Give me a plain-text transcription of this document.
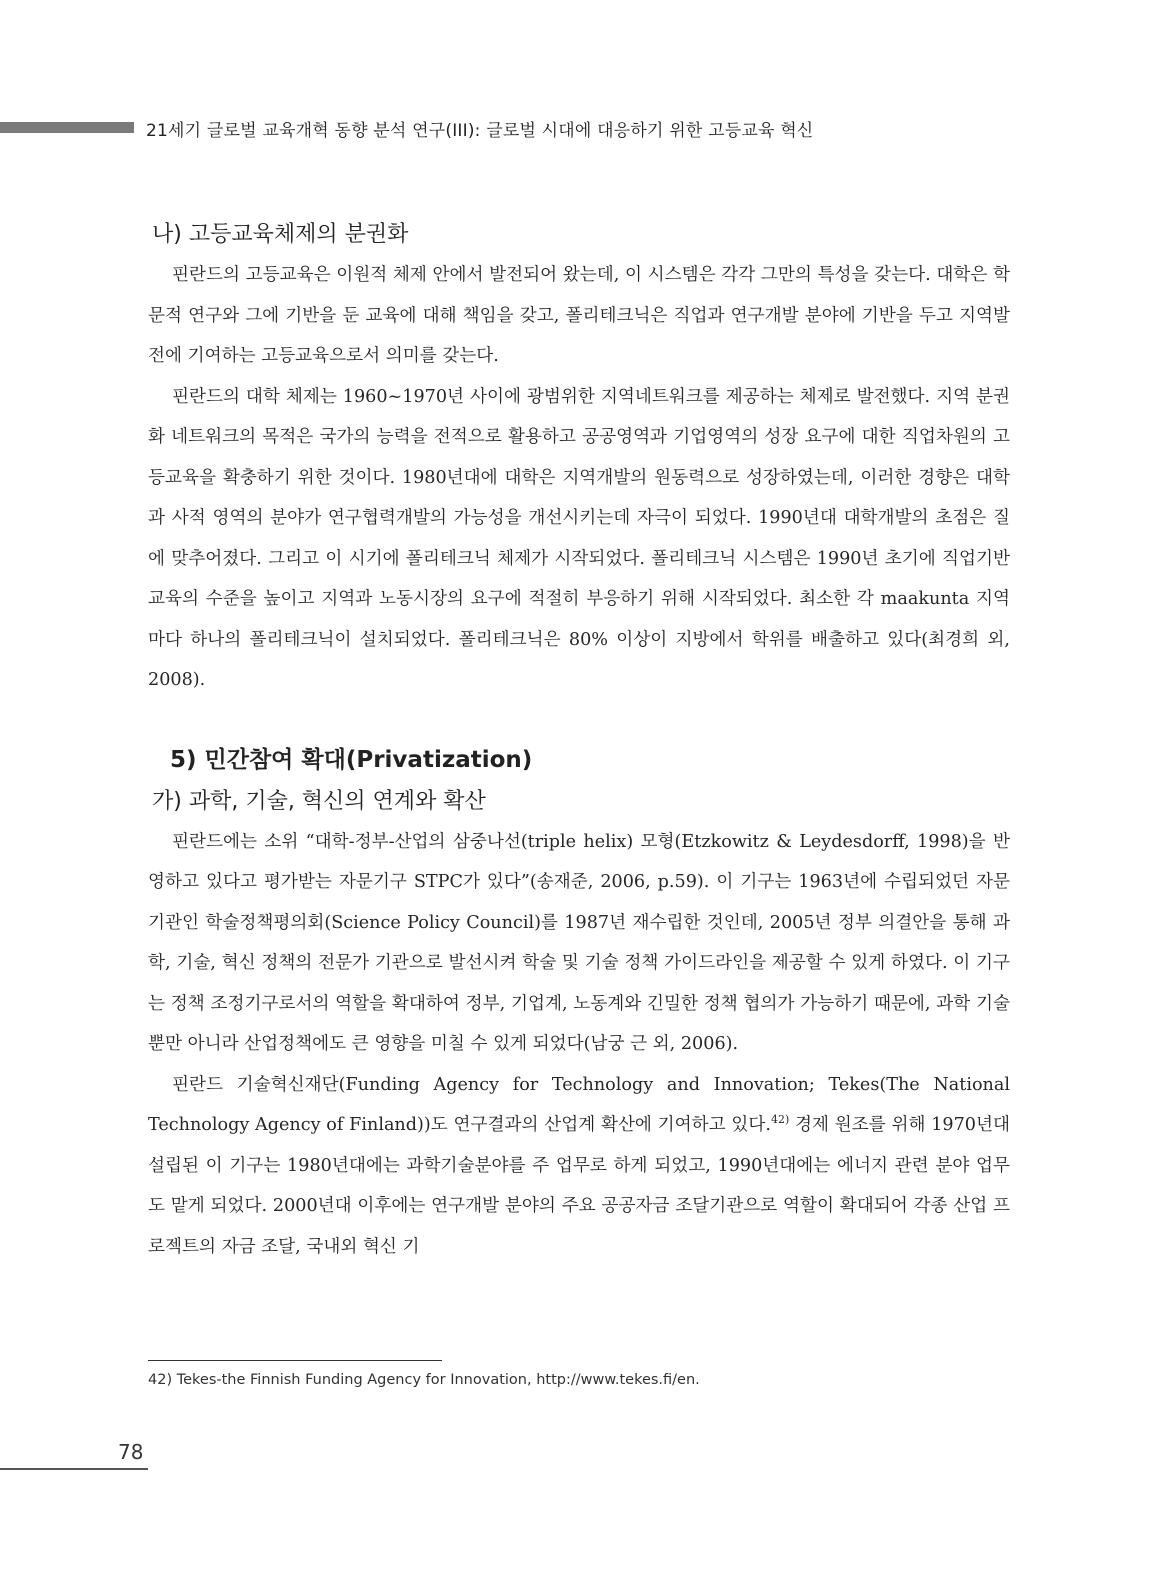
21세기 글로벌 교육개혁 동향 분석 연구(III): 글로벌 시대에 대응하기 위한 고등교육 혁신
나) 고등교육체제의 분권화

핀란드의 고등교육은 이원적 체제 안에서 발전되어 왔는데, 이 시스템은 각각 그만의 특성을 갖는다. 대학은 학문적 연구와 그에 기반을 둔 교육에 대해 책임을 갖고, 폴리테크닉은 직업과 연구개발 분야에 기반을 두고 지역발전에 기여하는 고등교육으로서 의미를 갖는다.

핀란드의 대학 체제는 1960~1970년 사이에 광범위한 지역네트워크를 제공하는 체제로 발전했다. 지역 분권화 네트워크의 목적은 국가의 능력을 전적으로 활용하고 공공영역과 기업영역의 성장 요구에 대한 직업차원의 고등교육을 확충하기 위한 것이다. 1980년대에 대학은 지역개발의 원동력으로 성장하였는데, 이러한 경향은 대학과 사적 영역의 분야가 연구협력개발의 가능성을 개선시키는데 자극이 되었다. 1990년대 대학개발의 초점은 질에 맞추어졌다. 그리고 이 시기에 폴리테크닉 체제가 시작되었다. 폴리테크닉 시스템은 1990년 초기에 직업기반교육의 수준을 높이고 지역과 노동시장의 요구에 적절히 부응하기 위해 시작되었다. 최소한 각 maakunta 지역마다 하나의 폴리테크닉이 설치되었다. 폴리테크닉은 80% 이상이 지방에서 학위를 배출하고 있다(최경희 외, 2008).

5) 민간참여 확대(Privatization)
가) 과학, 기술, 혁신의 연계와 확산

핀란드에는 소위 “대학-정부-산업의 삼중나선(triple helix) 모형(Etzkowitz & Leydesdorff, 1998)을 반영하고 있다고 평가받는 자문기구 STPC가 있다”(송재준, 2006, p.59). 이 기구는 1963년에 수립되었던 자문기관인 학술정책평의회(Science Policy Council)를 1987년 재수립한 것인데, 2005년 정부 의결안을 통해 과학, 기술, 혁신 정책의 전문가 기관으로 발선시켜 학술 및 기술 정책 가이드라인을 제공할 수 있게 하였다. 이 기구는 정책 조정기구로서의 역할을 확대하여 정부, 기업계, 노동계와 긴밀한 정책 협의가 가능하기 때문에, 과학 기술 뿐만 아니라 산업정책에도 큰 영향을 미칠 수 있게 되었다(남궁 근 외, 2006).

핀란드 기술혁신재단(Funding Agency for Technology and Innovation; Tekes(The National Technology Agency of Finland))도 연구결과의 산업계 확산에 기여하고 있다.$^{42)}$ 경제 원조를 위해 1970년대 설립된 이 기구는 1980년대에는 과학기술분야를 주 업무로 하게 되었고, 1990년대에는 에너지 관련 분야 업무도 맡게 되었다. 2000년대 이후에는 연구개발 분야의 주요 공공자금 조달기관으로 역할이 확대되어 각종 산업 프로젝트의 자금 조달, 국내외 혁신 기

42) Tekes-the Finnish Funding Agency for Innovation, http://www.tekes.fi/en.
78
